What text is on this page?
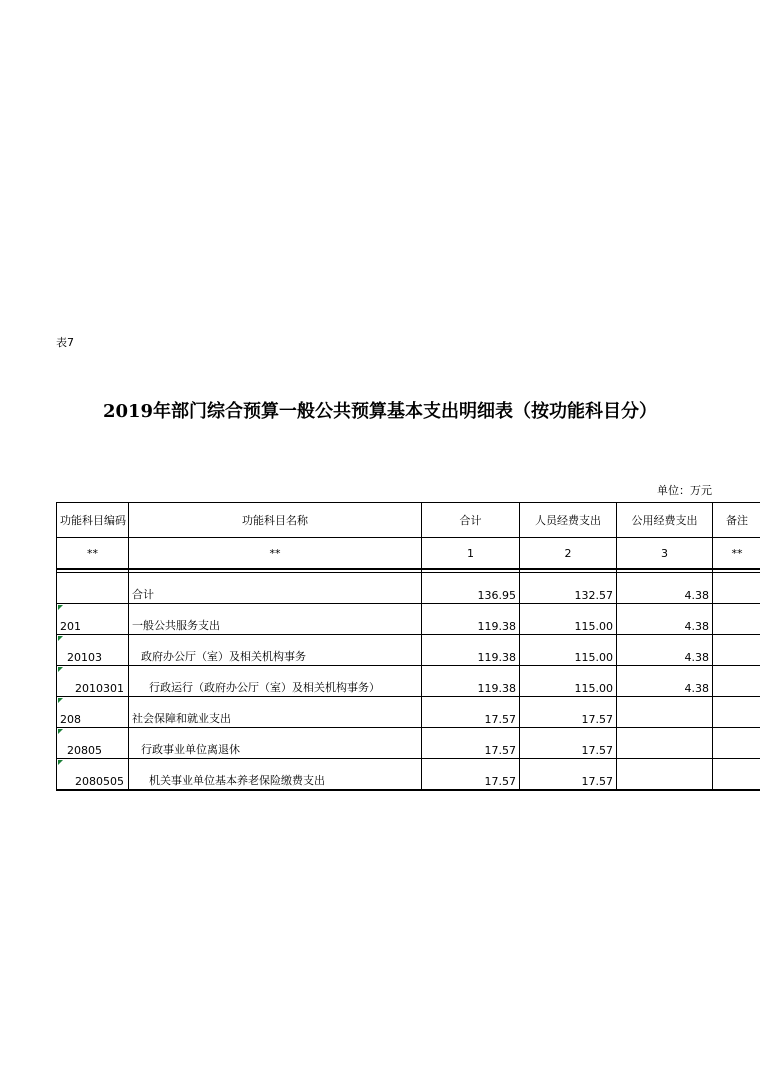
表7
2019年部门综合预算一般公共预算基本支出明细表（按功能科目分）
单位：万元
功能科目编码	功能科目名称	合计	人员经费支出	公用经费支出	备注
**	**	1	2	3	**

	合计	136.95	132.57	4.38	
201	一般公共服务支出	119.38	115.00	4.38	
20103	政府办公厅（室）及相关机构事务	119.38	115.00	4.38	
2010301	行政运行（政府办公厅（室）及相关机构事务）	119.38	115.00	4.38	
208	社会保障和就业支出	17.57	17.57		
20805	行政事业单位离退休	17.57	17.57		
2080505	机关事业单位基本养老保险缴费支出	17.57	17.57		
